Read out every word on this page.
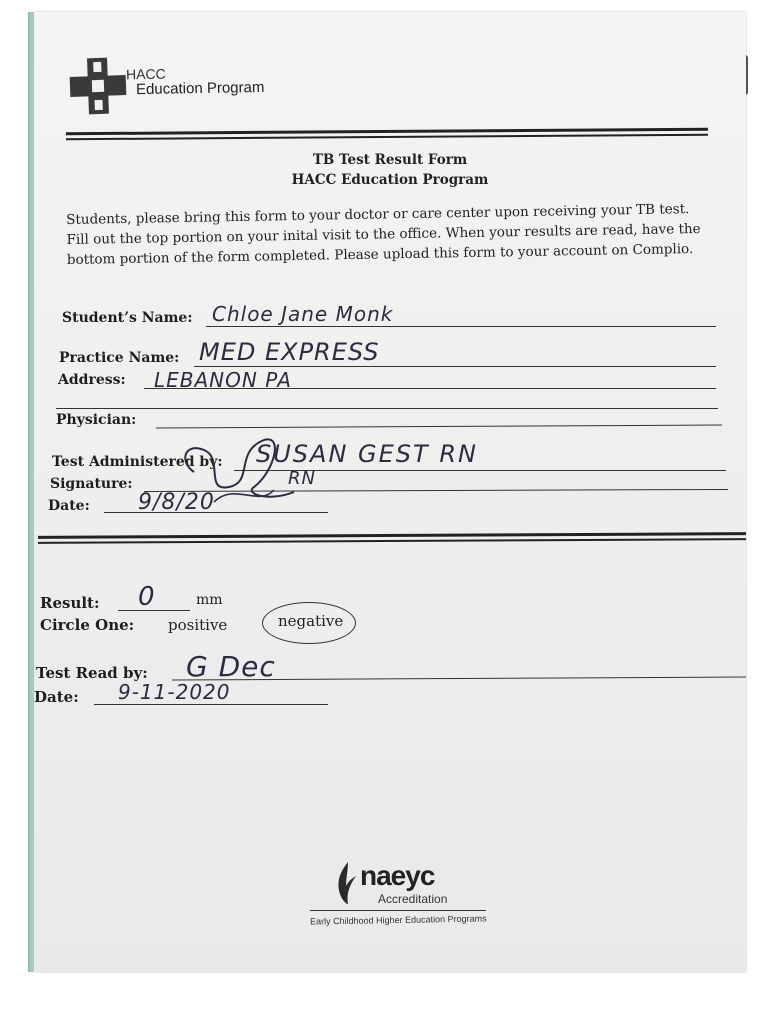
HACC
Education Program
TB Test Result Form
HACC Education Program
Students, please bring this form to your doctor or care center upon receiving your TB test. Fill out the top portion on your inital visit to the office. When your results are read, have the bottom portion of the form completed. Please upload this form to your account on Complio.
Student’s Name: Chloe Jane Monk
Practice Name: MED EXPRESS
Address: LEBANON PA
Physician:
Test Administered by: SUSAN GEST RN
Signature:	RN
Date: 9/8/20
Result: 0	mm
Circle One: positive	negative
Test Read by: G Dec
Date: 9-11-2020
naeyc
Accreditation
Early Childhood Higher Education Programs
